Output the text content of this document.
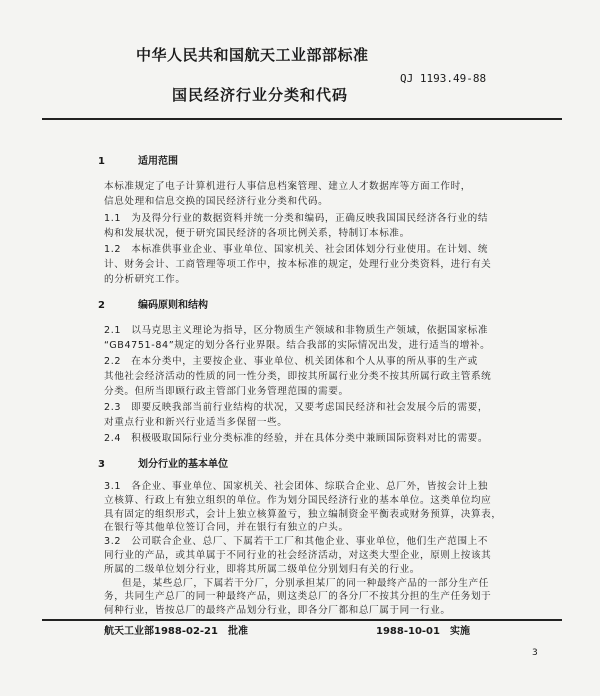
中华人民共和国航天工业部部标准
QJ 1193.49-88
国民经济行业分类和代码
1	适用范围
本标准规定了电子计算机进行人事信息档案管理、建立人才数据库等方面工作时，
信息处理和信息交换的国民经济行业分类和代码。
1.1　为及得分行业的数据资料并统一分类和编码，正确反映我国国民经济各行业的结
构和发展状况，便于研究国民经济的各项比例关系，特制订本标准。
1.2　本标准供事业企业、事业单位、国家机关、社会团体划分行业使用。在计划、统
计、财务会计、工商管理等项工作中，按本标准的规定，处理行业分类资料，进行有关
的分析研究工作。
2	编码原则和结构
2.1　以马克思主义理论为指导，区分物质生产领域和非物质生产领域，依据国家标准
“GB4751-84”规定的划分各行业界限。结合我部的实际情况出发，进行适当的增补。
2.2　在本分类中，主要按企业、事业单位、机关团体和个人从事的所从事的生产或
其他社会经济活动的性质的同一性分类，即按其所属行业分类不按其所属行政主管系统
分类。但所当即顾行政主管部门业务管理范围的需要。
2.3　即要反映我部当前行业结构的状况，又要考虑国民经济和社会发展今后的需要，
对重点行业和新兴行业适当多保留一些。
2.4　积极吸取国际行业分类标准的经验，并在具体分类中兼顾国际资料对比的需要。
3	划分行业的基本单位
3.1　各企业、事业单位、国家机关、社会团体、综联合企业、总厂外，皆按会计上独
立核算、行政上有独立组织的单位。作为划分国民经济行业的基本单位。这类单位均应
具有固定的组织形式，会计上独立核算盈亏，独立编制资金平衡表或财务预算，决算表，
在银行等其他单位签订合同，并在银行有独立的户头。
3.2　公司联合企业、总厂、下属若干工厂和其他企业、事业单位，他们生产范围上不
同行业的产品，或其单属于不同行业的社会经济活动，对这类大型企业，原则上按该其
所属的二级单位划分行业，即将其所属二级单位分别划归有关的行业。
但是，某些总厂，下属若干分厂，分别承担某厂的同一种最终产品的一部分生产任
务，共同生产总厂的同一种最终产品，则这类总厂的各分厂不按其分担的生产任务划于
航天工业部1988-02-21　批准	1988-10-01　实施
3
何种行业，皆按总厂的最终产品划分行业，即各分厂都和总厂属于同一行业。
